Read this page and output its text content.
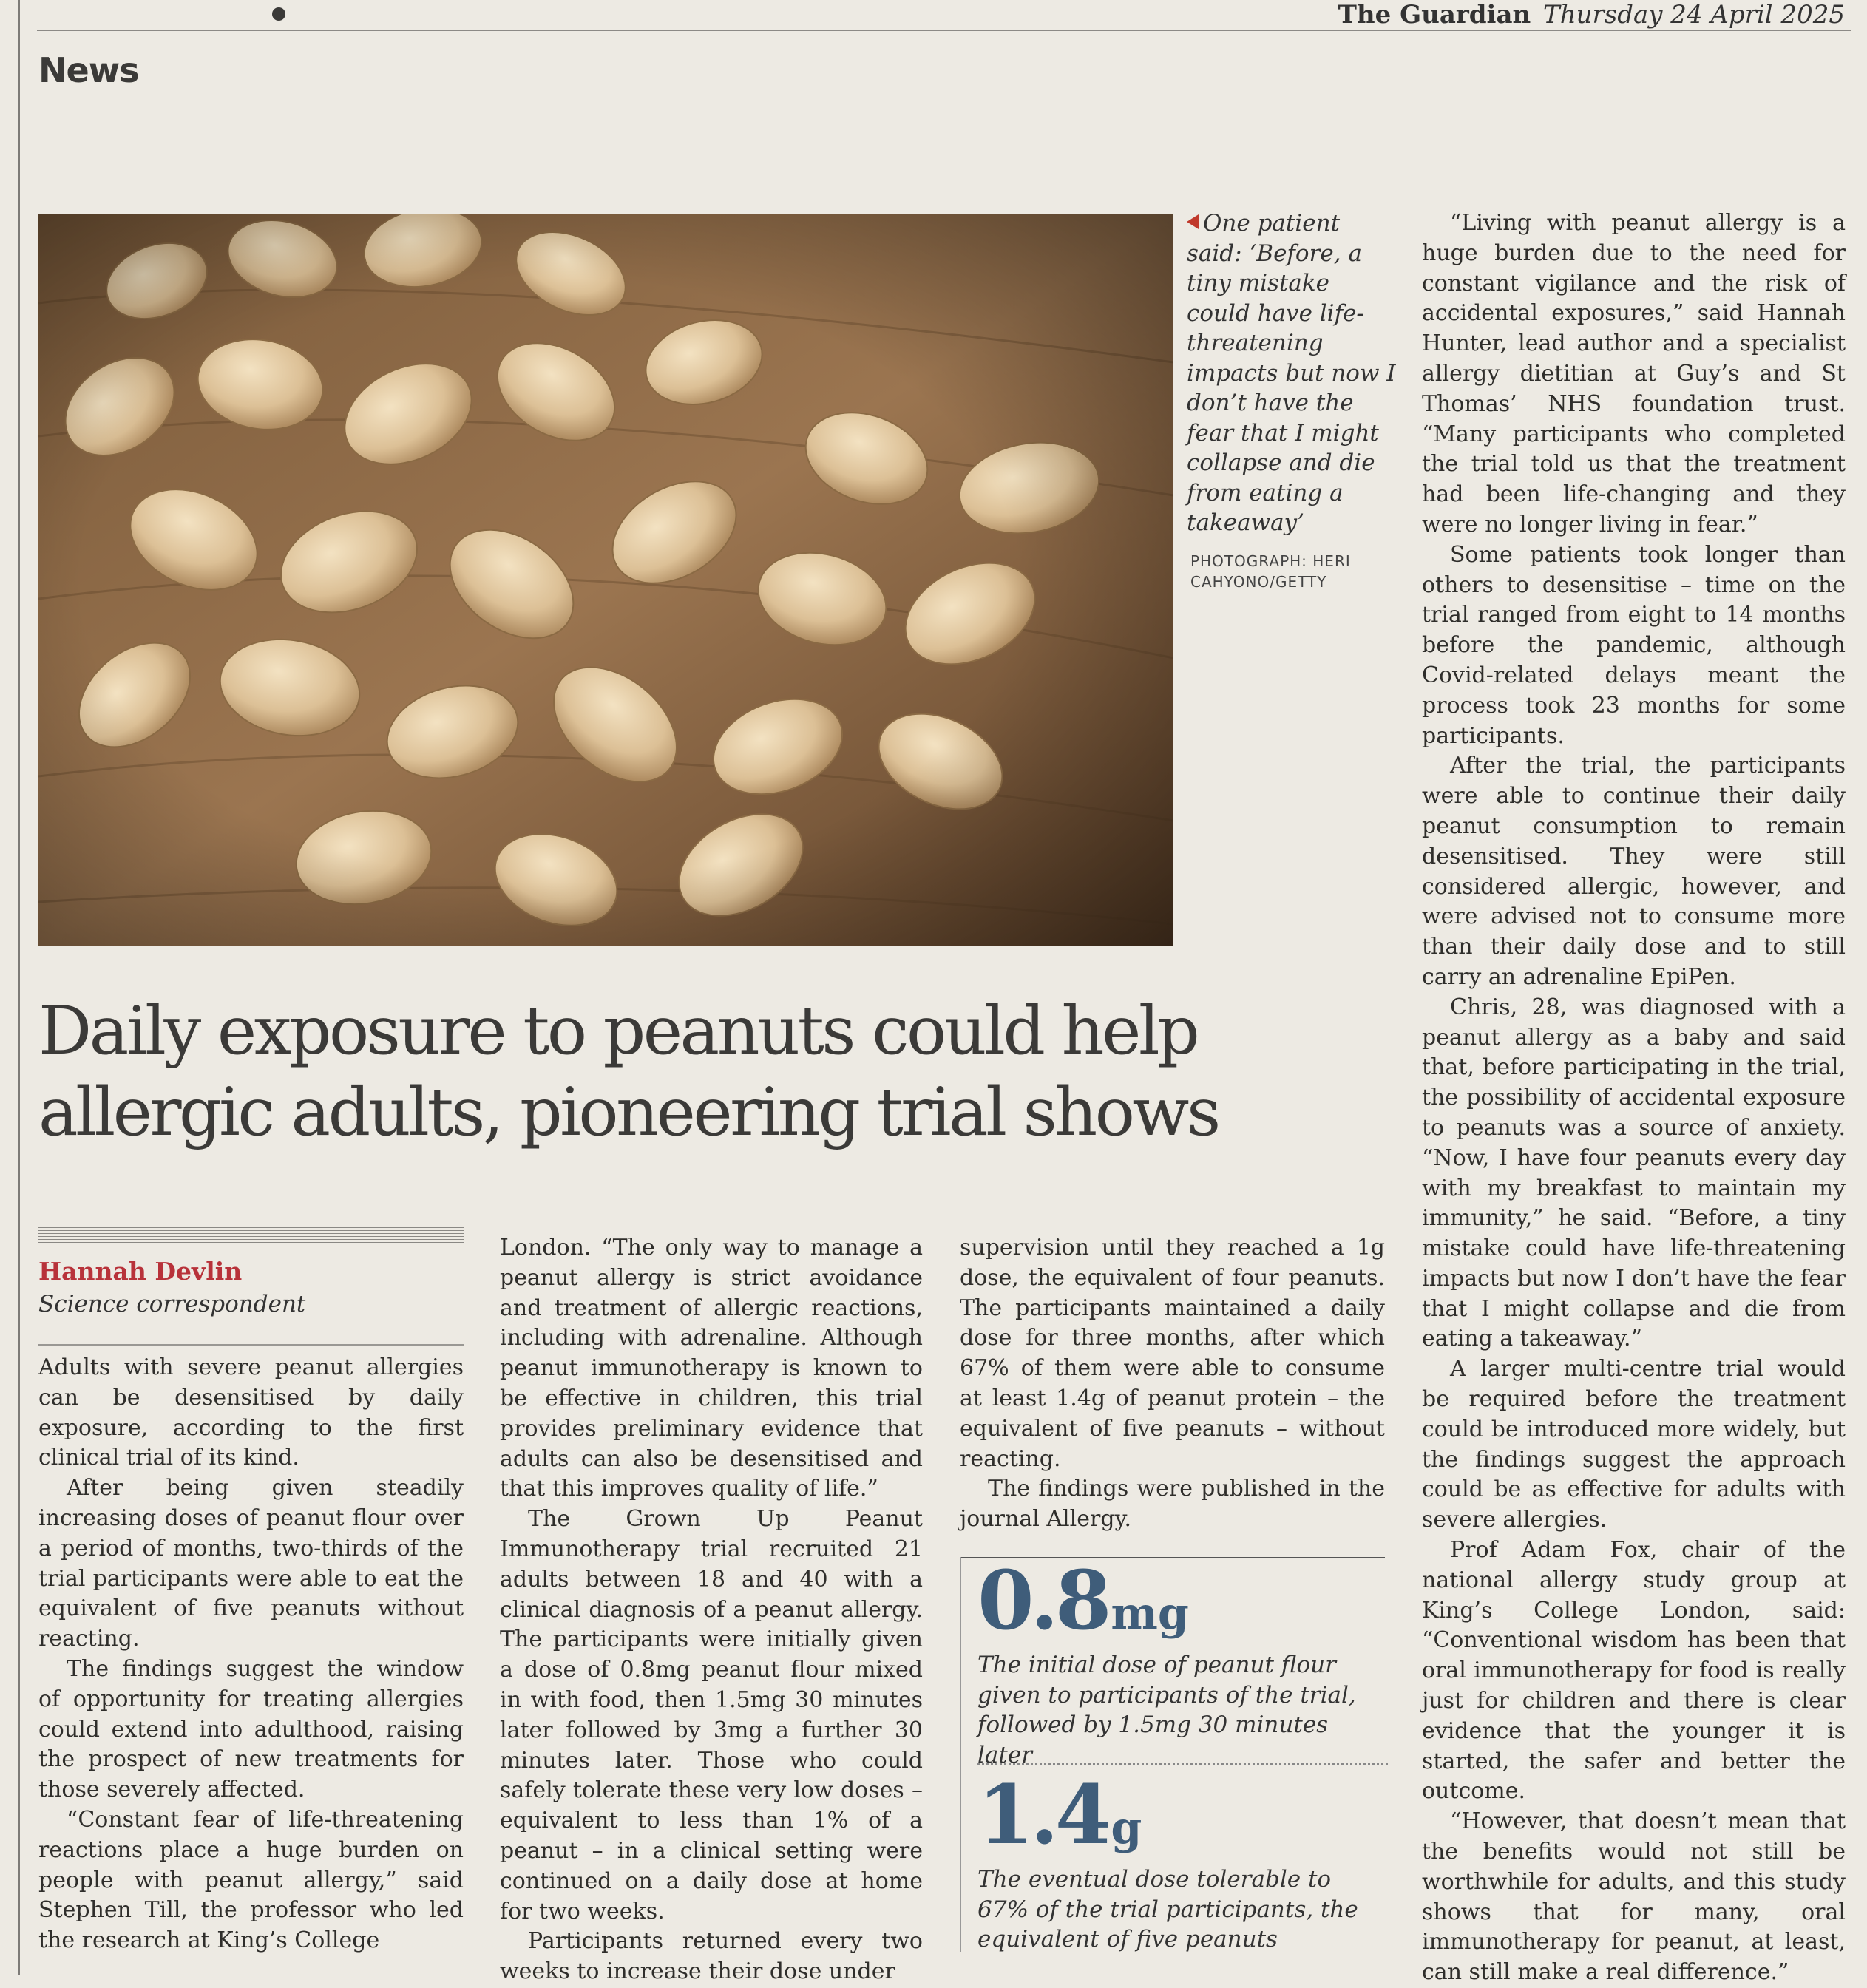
The Guardian Thursday 24 April 2025
News
One patient said: ‘Before, a tiny mistake could have life-threatening impacts but now I don’t have the fear that I might collapse and die from eating a takeaway’
PHOTOGRAPH: HERI CAHYONO/GETTY
Daily exposure to peanuts could help allergic adults, pioneering trial shows
Hannah Devlin
Science correspondent

Adults with severe peanut allergies can be desensitised by daily exposure, according to the first clinical trial of its kind.

After being given steadily increasing doses of peanut flour over a period of months, two-thirds of the trial participants were able to eat the equivalent of five peanuts without reacting.

The findings suggest the window of opportunity for treating allergies could extend into adulthood, raising the prospect of new treatments for those severely affected.

“Constant fear of life-threatening reactions place a huge burden on people with peanut allergy,” said Stephen Till, the professor who led the research at King’s College

London. “The only way to manage a peanut allergy is strict avoidance and treatment of allergic reactions, including with adrenaline. Although peanut immunotherapy is known to be effective in children, this trial provides preliminary evidence that adults can also be desensitised and that this improves quality of life.”

The Grown Up Peanut Immunotherapy trial recruited 21 adults between 18 and 40 with a clinical diagnosis of a peanut allergy. The participants were initially given a dose of 0.8mg peanut flour mixed in with food, then 1.5mg 30 minutes later followed by 3mg a further 30 minutes later. Those who could safely tolerate these very low doses – equivalent to less than 1% of a peanut – in a clinical setting were continued on a daily dose at home for two weeks.

Participants returned every two weeks to increase their dose under

supervision until they reached a 1g dose, the equivalent of four peanuts. The participants maintained a daily dose for three months, after which 67% of them were able to consume at least 1.4g of peanut protein – the equivalent of five peanuts – without reacting.

The findings were published in the journal Allergy.

0.8mg
The initial dose of peanut flour given to participants of the trial, followed by 1.5mg 30 minutes later
1.4g
The eventual dose tolerable to 67% of the trial participants, the equivalent of five peanuts

“Living with peanut allergy is a huge burden due to the need for constant vigilance and the risk of accidental exposures,” said Hannah Hunter, lead author and a specialist allergy dietitian at Guy’s and St Thomas’ NHS foundation trust. “Many participants who completed the trial told us that the treatment had been life-changing and they were no longer living in fear.”

Some patients took longer than others to desensitise – time on the trial ranged from eight to 14 months before the pandemic, although Covid-related delays meant the process took 23 months for some participants.

After the trial, the participants were able to continue their daily peanut consumption to remain desensitised. They were still considered allergic, however, and were advised not to consume more than their daily dose and to still carry an adrenaline EpiPen.

Chris, 28, was diagnosed with a peanut allergy as a baby and said that, before participating in the trial, the possibility of accidental exposure to peanuts was a source of anxiety. “Now, I have four peanuts every day with my breakfast to maintain my immunity,” he said. “Before, a tiny mistake could have life-threatening impacts but now I don’t have the fear that I might collapse and die from eating a takeaway.”

A larger multi-centre trial would be required before the treatment could be introduced more widely, but the findings suggest the approach could be as effective for adults with severe allergies.

Prof Adam Fox, chair of the national allergy study group at King’s College London, said: “Conventional wisdom has been that oral immunotherapy for food is really just for children and there is clear evidence that the younger it is started, the safer and better the outcome.

“However, that doesn’t mean that the benefits would not still be worthwhile for adults, and this study shows that for many, oral immunotherapy for peanut, at least, can still make a real difference.”
